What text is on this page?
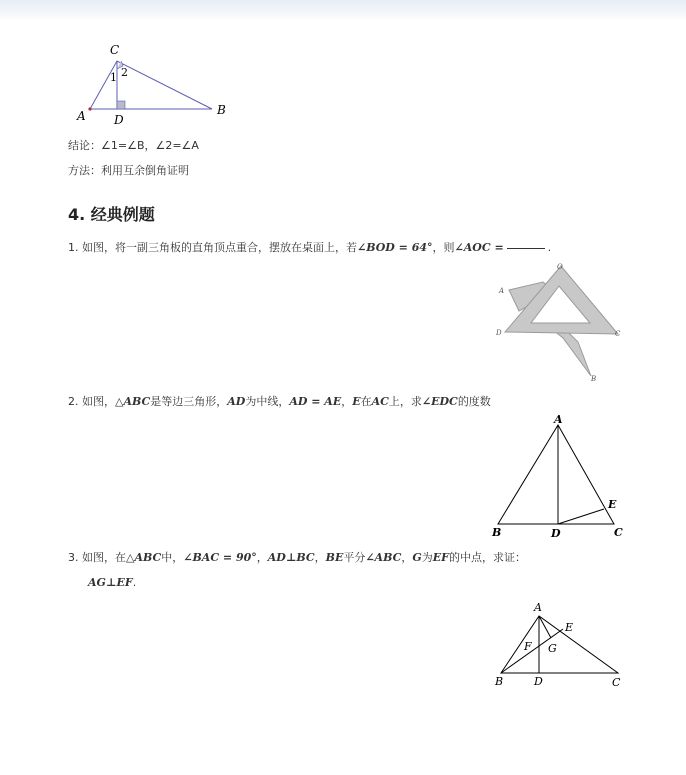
C
A D
B
1 2
结论：∠1=∠B，∠2=∠A
方法：利用互余倒角证明
4. 经典例题
1. 如图，将一副三角板的直角顶点重合，摆放在桌面上，若∠BOD = 64°，则∠AOC =	.
O
A
D	C
B
2. 如图，△ABC是等边三角形，AD为中线，AD = AE，E在AC上，求∠EDC的度数
A
B	D	C
E
3. 如图，在△ABC中，∠BAC = 90°，AD⊥BC，BE平分∠ABC，G为EF的中点，求证：
AG⊥EF.
A
E
F G
B	D	C
